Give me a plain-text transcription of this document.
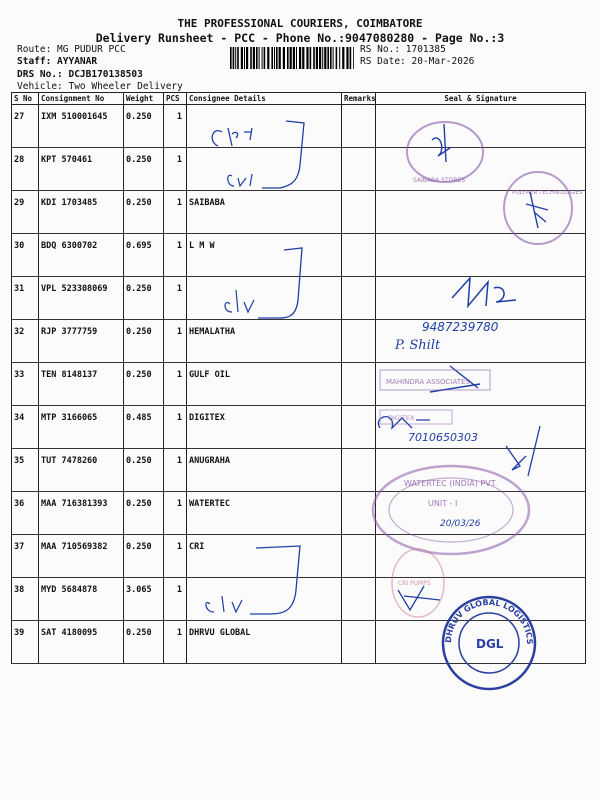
THE PROFESSIONAL COURIERS, COIMBATORE
Delivery Runsheet - PCC - Phone No.:9047080280 - Page No.:3
Route: MG PUDUR PCC
Staff: AYYANAR
DRS No.: DCJB170138503
Vehicle: Two Wheeler Delivery
RS No.: 1701385
RS Date: 20-Mar-2026
S No	Consignment No	Weight	PCS	Consignee Details	Remarks	Seal & Signature
27	IXM 510001645	0.250	1			
28	KPT 570461	0.250	1			
29	KDI 1703485	0.250	1	SAIBABA		
30	BDQ 6300702	0.695	1	L M W		
31	VPL 523308069	0.250	1			
32	RJP 3777759	0.250	1	HEMALATHA		
33	TEN 8148137	0.250	1	GULF OIL		
34	MTP 3166065	0.485	1	DIGITEX		
35	TUT 7478260	0.250	1	ANUGRAHA		
36	MAA 716381393	0.250	1	WATERTEC		
37	MAA 710569382	0.250	1	CRI		
38	MYD 5684878	3.065	1			
39	SAT 4180095	0.250	1	DHRVU GLOBAL		
9487239780
P. Shilt
7010650303
SAIBABA STORES
POLYMER TECHNOLOGIES
MAHINDRA ASSOCIATES
DIGITEX
WATERTEC (INDIA) PVT.
UNIT - I
20/03/26
CRI PUMPS
DHRUV GLOBAL LOGISTICS
DGL
